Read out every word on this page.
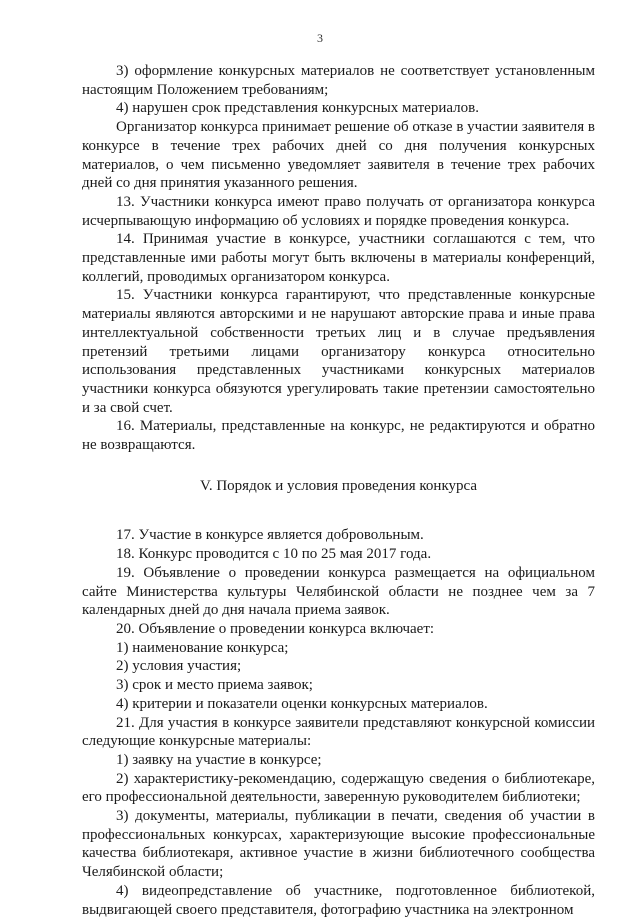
3

3) оформление конкурсных материалов не соответствует установленным настоящим Положением требованиям;

4) нарушен срок представления конкурсных материалов.

Организатор конкурса принимает решение об отказе в участии заявителя в конкурсе в течение трех рабочих дней со дня получения конкурсных материалов, о чем письменно уведомляет заявителя в течение трех рабочих дней со дня принятия указанного решения.

13. Участники конкурса имеют право получать от организатора конкурса исчерпывающую информацию об условиях и порядке проведения конкурса.

14. Принимая участие в конкурсе, участники соглашаются с тем, что представленные ими работы могут быть включены в материалы конференций, коллегий, проводимых организатором конкурса.

15. Участники конкурса гарантируют, что представленные конкурсные материалы являются авторскими и не нарушают авторские права и иные права интеллектуальной собственности третьих лиц и в случае предъявления претензий третьими лицами организатору конкурса относительно использования представленных участниками конкурсных материалов участники конкурса обязуются урегулировать такие претензии самостоятельно и за свой счет.

16. Материалы, представленные на конкурс, не редактируются и обратно не возвращаются.

V. Порядок и условия проведения конкурса

17. Участие в конкурсе является добровольным.

18. Конкурс проводится с 10 по 25 мая 2017 года.

19. Объявление о проведении конкурса размещается на официальном сайте Министерства культуры Челябинской области не позднее чем за 7 календарных дней до дня начала приема заявок.

20. Объявление о проведении конкурса включает:

1) наименование конкурса;

2) условия участия;

3) срок и место приема заявок;

4) критерии и показатели оценки конкурсных материалов.

21. Для участия в конкурсе заявители представляют конкурсной комиссии следующие конкурсные материалы:

1) заявку на участие в конкурсе;

2) характеристику-рекомендацию, содержащую сведения о библиотекаре, его профессиональной деятельности, заверенную руководителем библиотеки;

3) документы, материалы, публикации в печати, сведения об участии в профессиональных конкурсах, характеризующие высокие профессиональные качества библиотекаря, активное участие в жизни библиотечного сообщества Челябинской области;

4) видеопредставление об участнике, подготовленное библиотекой, выдвигающей своего представителя, фотографию участника на электронном
